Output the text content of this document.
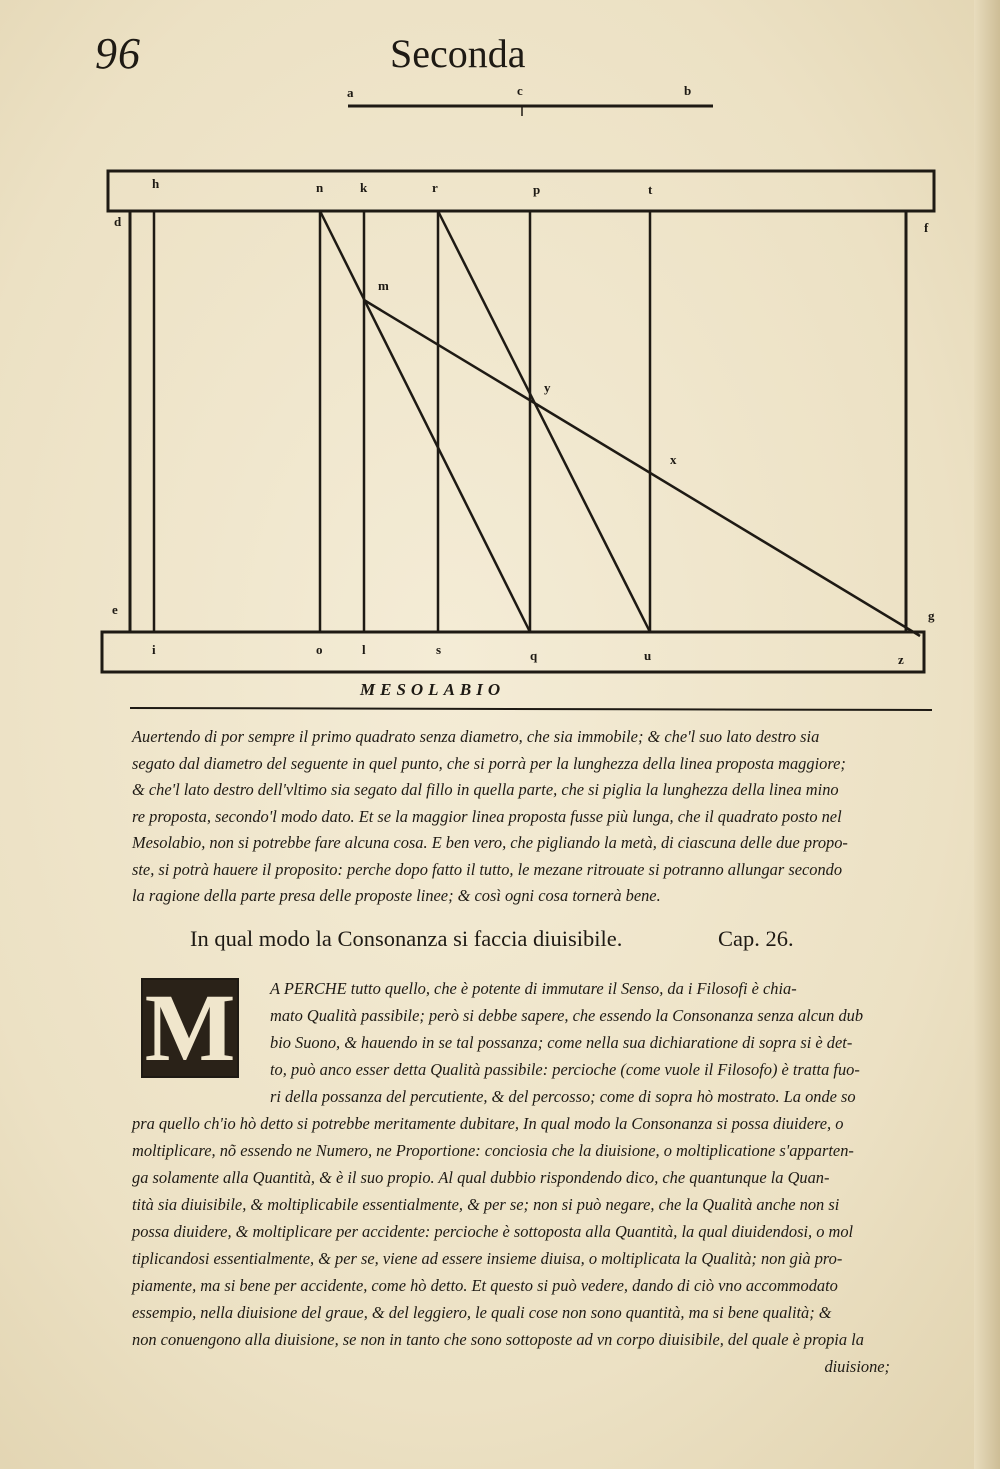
96	Seconda
a	c	b
h	n	k	r	p	t
d	f
m
y
x
e	g
i	o	l	s	q	u	z
MESOLABIO
Auertendo di por sempre il primo quadrato senza diametro, che sia immobile; & che'l suo lato destro sia
segato dal diametro del seguente in quel punto, che si porrà per la lunghezza della linea proposta maggiore;
& che'l lato destro dell'vltimo sia segato dal fillo in quella parte, che si piglia la lunghezza della linea mino
re proposta, secondo'l modo dato. Et se la maggior linea proposta fusse più lunga, che il quadrato posto nel
Mesolabio, non si potrebbe fare alcuna cosa. E ben vero, che pigliando la metà, di ciascuna delle due propo-
ste, si potrà hauere il proposito: perche dopo fatto il tutto, le mezane ritrouate si potranno allungar secondo
la ragione della parte presa delle proposte linee; & così ogni cosa tornerà bene.
In qual modo la Consonanza si faccia diuisibile.	Cap. 26.
M	A PERCHE tutto quello, che è potente di immutare il Senso, da i Filosofi è chia-
mato Qualità passibile; però si debbe sapere, che essendo la Consonanza senza alcun dub
bio Suono, & hauendo in se tal possanza; come nella sua dichiaratione di sopra si è det-
to, può anco esser detta Qualità passibile: percioche (come vuole il Filosofo) è tratta fuo-
ri della possanza del percutiente, & del percosso; come di sopra hò mostrato. La onde so
pra quello ch'io hò detto si potrebbe meritamente dubitare, In qual modo la Consonanza si possa diuidere, o
moltiplicare, nõ essendo ne Numero, ne Proportione: conciosia che la diuisione, o moltiplicatione s'apparten-
ga solamente alla Quantità, & è il suo propio. Al qual dubbio rispondendo dico, che quantunque la Quan-
tità sia diuisibile, & moltiplicabile essentialmente, & per se; non si può negare, che la Qualità anche non si
possa diuidere, & moltiplicare per accidente: percioche è sottoposta alla Quantità, la qual diuidendosi, o mol
tiplicandosi essentialmente, & per se, viene ad essere insieme diuisa, o moltiplicata la Qualità; non già pro-
piamente, ma si bene per accidente, come hò detto. Et questo si può vedere, dando di ciò vno accommodato
essempio, nella diuisione del graue, & del leggiero, le quali cose non sono quantità, ma si bene qualità; &
non conuengono alla diuisione, se non in tanto che sono sottoposte ad vn corpo diuisibile, del quale è propia la
diuisione;
